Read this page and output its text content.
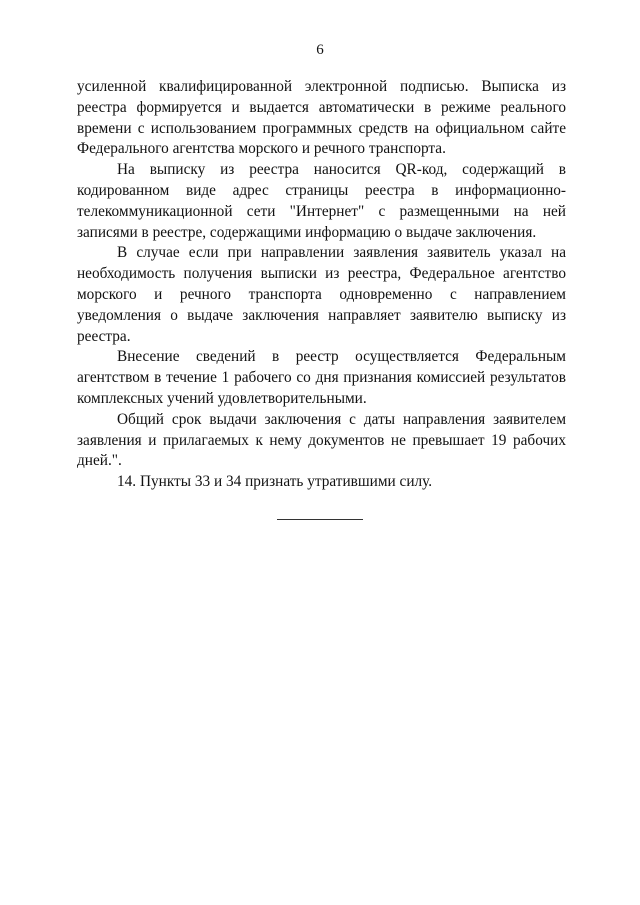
6

усиленной квалифицированной электронной подписью. Выписка из реестра формируется и выдается автоматически в режиме реального времени с использованием программных средств на официальном сайте Федерального агентства морского и речного транспорта.

На выписку из реестра наносится QR-код, содержащий в кодированном виде адрес страницы реестра в информационно-телекоммуникационной сети "Интернет" с размещенными на ней записями в реестре, содержащими информацию о выдаче заключения.

В случае если при направлении заявления заявитель указал на необходимость получения выписки из реестра, Федеральное агентство морского и речного транспорта одновременно с направлением уведомления о выдаче заключения направляет заявителю выписку из реестра.

Внесение сведений в реестр осуществляется Федеральным агентством в течение 1 рабочего со дня признания комиссией результатов комплексных учений удовлетворительными.

Общий срок выдачи заключения с даты направления заявителем заявления и прилагаемых к нему документов не превышает 19 рабочих дней.".

14. Пункты 33 и 34 признать утратившими силу.
